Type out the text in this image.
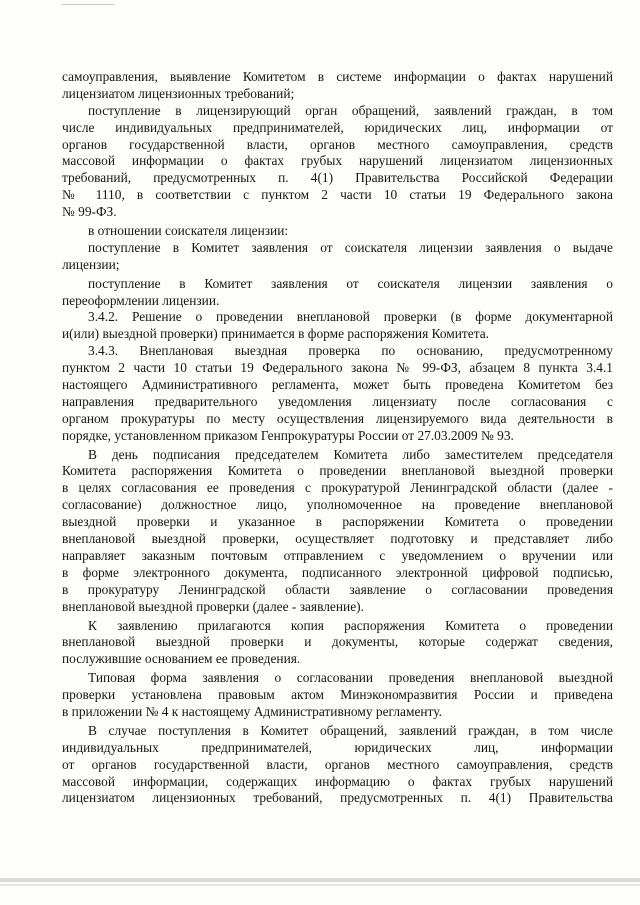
самоуправления, выявление Комитетом в системе информации о фактах нарушений
лицензиатом лицензионных требований;
поступление в лицензирующий орган обращений, заявлений граждан, в том
числе индивидуальных предпринимателей, юридических лиц, информации от
органов государственной власти, органов местного самоуправления, средств
массовой информации о фактах грубых нарушений лицензиатом лицензионных
требований, предусмотренных п. 4(1) Правительства Российской Федерации
№ 1110, в соответствии с пунктом 2 части 10 статьи 19 Федерального закона
№ 99-ФЗ.
в отношении соискателя лицензии:
поступление в Комитет заявления от соискателя лицензии заявления о выдаче
лицензии;
поступление в Комитет заявления от соискателя лицензии заявления о
переоформлении лицензии.
3.4.2. Решение о проведении внеплановой проверки (в форме документарной
и(или) выездной проверки) принимается в форме распоряжения Комитета.
3.4.3. Внеплановая выездная проверка по основанию, предусмотренному
пунктом 2 части 10 статьи 19 Федерального закона № 99-ФЗ, абзацем 8 пункта 3.4.1
настоящего Административного регламента, может быть проведена Комитетом без
направления предварительного уведомления лицензиату после согласования с
органом прокуратуры по месту осуществления лицензируемого вида деятельности в
порядке, установленном приказом Генпрокуратуры России от 27.03.2009 № 93.
В день подписания председателем Комитета либо заместителем председателя
Комитета распоряжения Комитета о проведении внеплановой выездной проверки
в целях согласования ее проведения с прокуратурой Ленинградской области (далее -
согласование) должностное лицо, уполномоченное на проведение внеплановой
выездной проверки и указанное в распоряжении Комитета о проведении
внеплановой выездной проверки, осуществляет подготовку и представляет либо
направляет заказным почтовым отправлением с уведомлением о вручении или
в форме электронного документа, подписанного электронной цифровой подписью,
в прокуратуру Ленинградской области заявление о согласовании проведения
внеплановой выездной проверки (далее - заявление).
К заявлению прилагаются копия распоряжения Комитета о проведении
внеплановой выездной проверки и документы, которые содержат сведения,
послужившие основанием ее проведения.
Типовая форма заявления о согласовании проведения внеплановой выездной
проверки установлена правовым актом Минэкономразвития России и приведена
в приложении № 4 к настоящему Административному регламенту.
В случае поступления в Комитет обращений, заявлений граждан, в том числе
индивидуальных предпринимателей, юридических лиц, информации
от органов государственной власти, органов местного самоуправления, средств
массовой информации, содержащих информацию о фактах грубых нарушений
лицензиатом лицензионных требований, предусмотренных п. 4(1) Правительства
